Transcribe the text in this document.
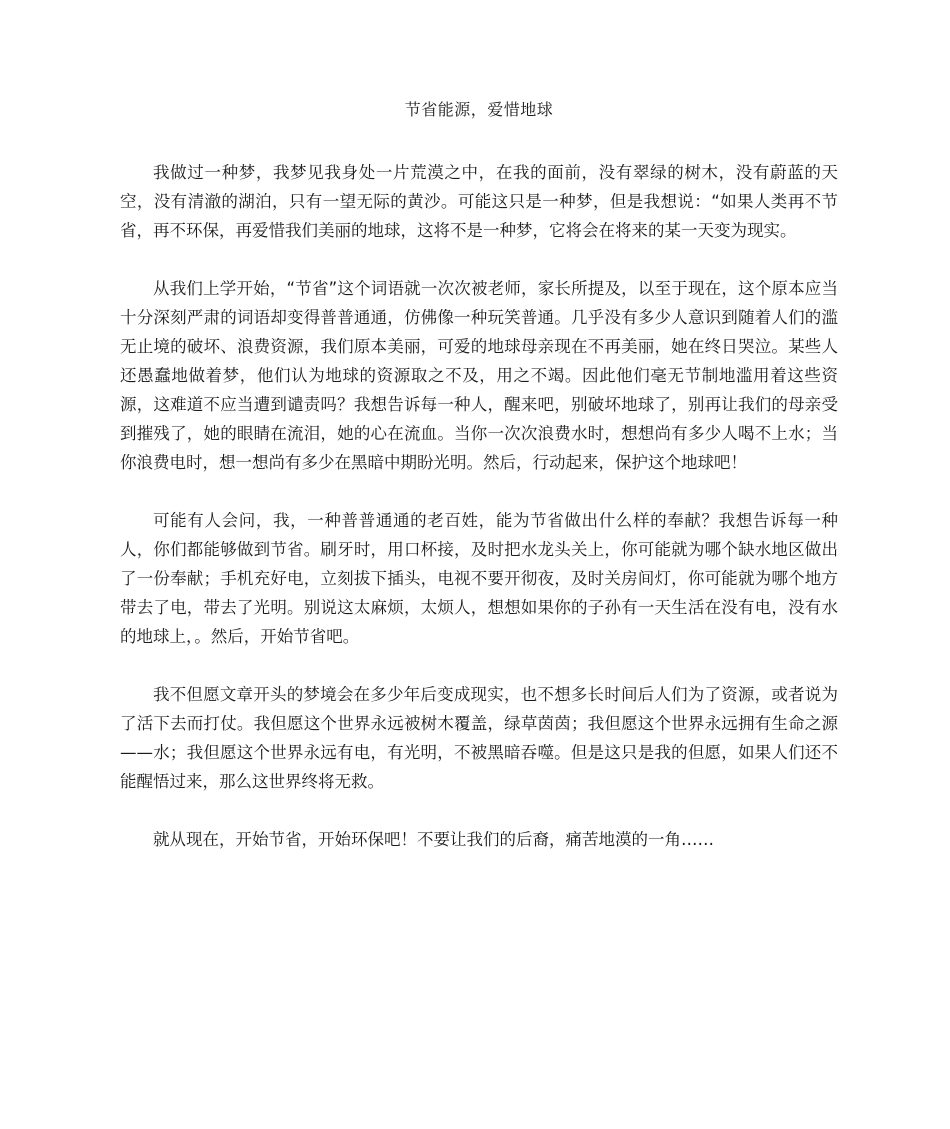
节省能源，爱惜地球

我做过一种梦，我梦见我身处一片荒漠之中，在我的面前，没有翠绿的树木，没有蔚蓝的天空，没有清澈的湖泊，只有一望无际的黄沙。可能这只是一种梦，但是我想说：“如果人类再不节省，再不环保，再爱惜我们美丽的地球，这将不是一种梦，它将会在将来的某一天变为现实。

从我们上学开始，“节省”这个词语就一次次被老师，家长所提及，以至于现在，这个原本应当十分深刻严肃的词语却变得普普通通，仿佛像一种玩笑普通。几乎没有多少人意识到随着人们的滥无止境的破坏、浪费资源，我们原本美丽，可爱的地球母亲现在不再美丽，她在终日哭泣。某些人还愚蠢地做着梦，他们认为地球的资源取之不及，用之不竭。因此他们毫无节制地滥用着这些资源，这难道不应当遭到谴责吗？我想告诉每一种人，醒来吧，别破坏地球了，别再让我们的母亲受到摧残了，她的眼睛在流泪，她的心在流血。当你一次次浪费水时，想想尚有多少人喝不上水；当你浪费电时，想一想尚有多少在黑暗中期盼光明。然后，行动起来，保护这个地球吧！

可能有人会问，我，一种普普通通的老百姓，能为节省做出什么样的奉献？我想告诉每一种人，你们都能够做到节省。刷牙时，用口杯接，及时把水龙头关上，你可能就为哪个缺水地区做出了一份奉献；手机充好电，立刻拔下插头，电视不要开彻夜，及时关房间灯，你可能就为哪个地方带去了电，带去了光明。别说这太麻烦，太烦人，想想如果你的子孙有一天生活在没有电，没有水的地球上，。然后，开始节省吧。

我不但愿文章开头的梦境会在多少年后变成现实，也不想多长时间后人们为了资源，或者说为了活下去而打仗。我但愿这个世界永远被树木覆盖，绿草茵茵；我但愿这个世界永远拥有生命之源——水；我但愿这个世界永远有电，有光明，不被黑暗吞噬。但是这只是我的但愿，如果人们还不能醒悟过来，那么这世界终将无救。

就从现在，开始节省，开始环保吧！不要让我们的后裔，痛苦地漠的一角……
